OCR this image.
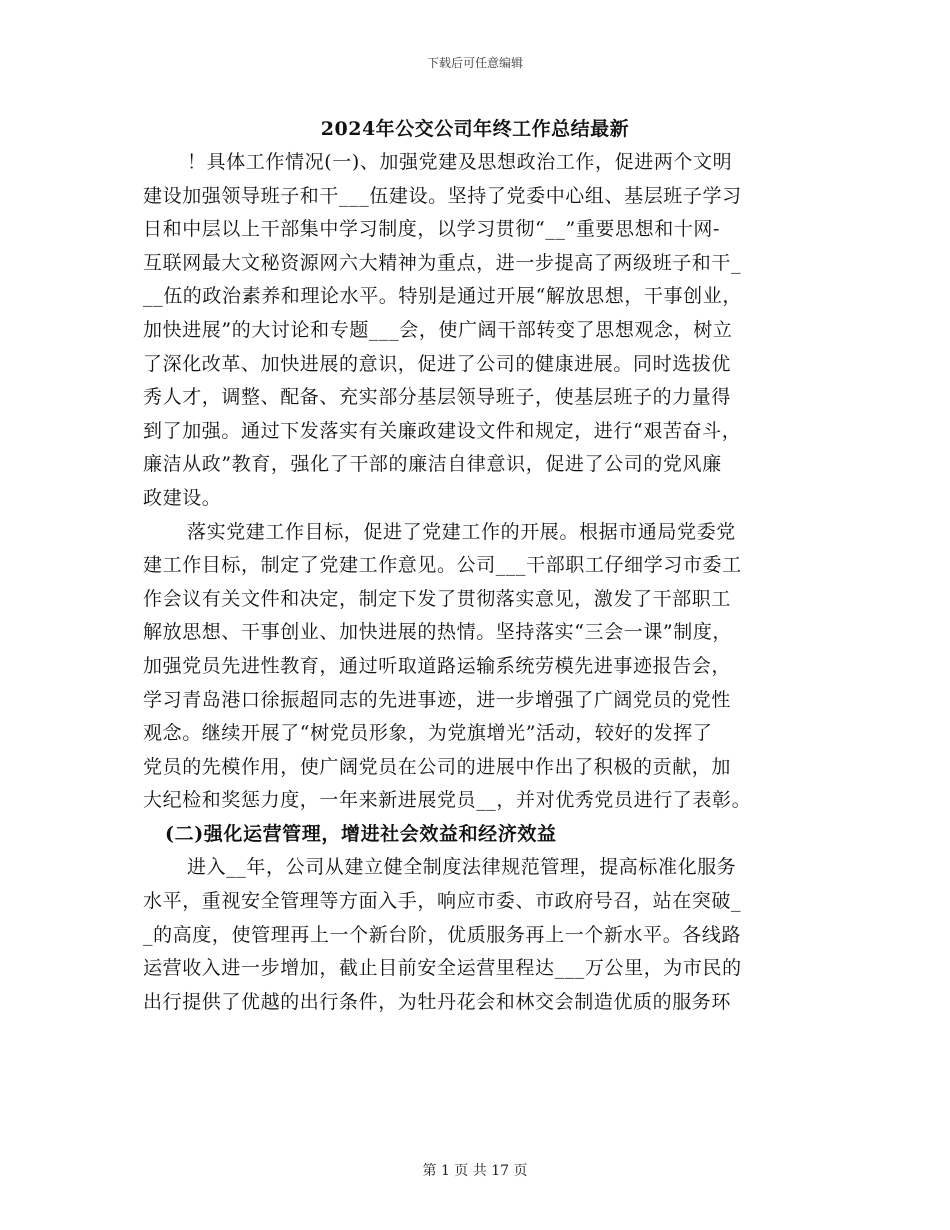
下载后可任意编辑
2024年公交公司年终工作总结最新
！具体工作情况(一)、加强党建及思想政治工作，促进两个文明
建设加强领导班子和干___伍建设。坚持了党委中心组、基层班子学习
日和中层以上干部集中学习制度，以学习贯彻“__”重要思想和十网-
互联网最大文秘资源网六大精神为重点，进一步提高了两级班子和干_
__伍的政治素养和理论水平。特别是通过开展“解放思想，干事创业，
加快进展”的大讨论和专题___会，使广阔干部转变了思想观念，树立
了深化改革、加快进展的意识，促进了公司的健康进展。同时选拔优
秀人才，调整、配备、充实部分基层领导班子，使基层班子的力量得
到了加强。通过下发落实有关廉政建设文件和规定，进行“艰苦奋斗，
廉洁从政”教育，强化了干部的廉洁自律意识，促进了公司的党风廉
政建设。
落实党建工作目标，促进了党建工作的开展。根据市通局党委党
建工作目标，制定了党建工作意见。公司___干部职工仔细学习市委工
作会议有关文件和决定，制定下发了贯彻落实意见，激发了干部职工
解放思想、干事创业、加快进展的热情。坚持落实“三会一课”制度，
加强党员先进性教育，通过听取道路运输系统劳模先进事迹报告会，
学习青岛港口徐振超同志的先进事迹，进一步增强了广阔党员的党性
观念。继续开展了“树党员形象，为党旗增光”活动，较好的发挥了
党员的先模作用，使广阔党员在公司的进展中作出了积极的贡献，加
大纪检和奖惩力度，一年来新进展党员__，并对优秀党员进行了表彰。
(二)强化运营管理，增进社会效益和经济效益
进入__年，公司从建立健全制度法律规范管理，提高标准化服务
水平，重视安全管理等方面入手，响应市委、市政府号召，站在突破_
_的高度，使管理再上一个新台阶，优质服务再上一个新水平。各线路
运营收入进一步增加，截止目前安全运营里程达___万公里，为市民的
出行提供了优越的出行条件，为牡丹花会和林交会制造优质的服务环
第 1 页 共 17 页
